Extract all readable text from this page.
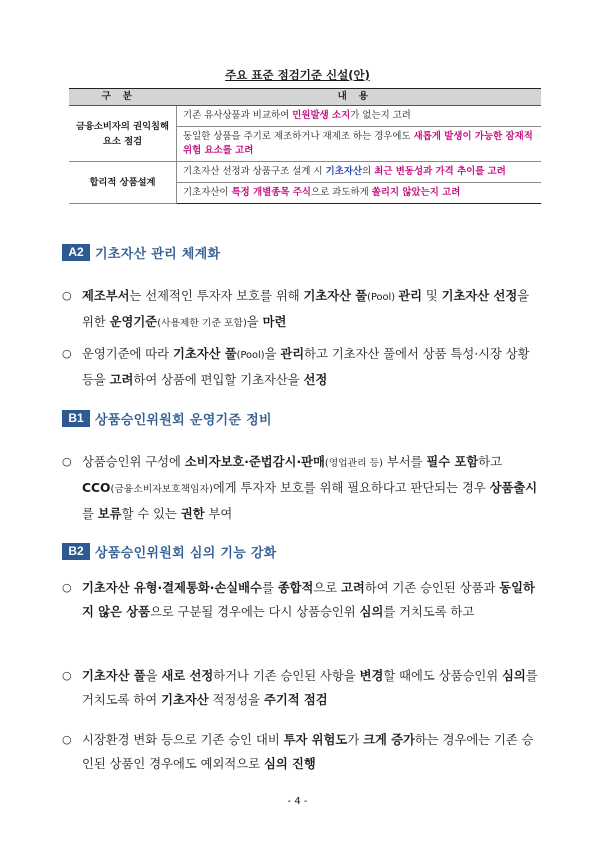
주요 표준 점검기준 신설(안)
구분	내용
금융소비자의 권익침해요소 점검	기존 유사상품과 비교하여 민원발생 소지가 없는지 고려
	동일한 상품을 주기로 제조하거나 재제조 하는 경우에도 새롭게 발생이 가능한 잠재적 위험 요소를 고려
합리적 상품설계	기초자산 선정과 상품구조 설계 시 기초자산의 최근 변동성과 가격 추이를 고려
	기초자산이 특정 개별종목 주식으로 과도하게 쏠리지 않았는지 고려
A2 기초자산 관리 체계화
○ 제조부서는 선제적인 투자자 보호를 위해 기초자산 풀(Pool) 관리 및 기초자산 선정을 위한 운영기준(사용제한 기준 포함)을 마련
○ 운영기준에 따라 기초자산 풀(Pool)을 관리하고 기초자산 풀에서 상품 특성·시장 상황 등을 고려하여 상품에 편입할 기초자산을 선정
B1 상품승인위원회 운영기준 정비
○ 상품승인위 구성에 소비자보호·준법감시·판매(영업관리 등) 부서를 필수 포함하고 CCO(금융소비자보호책임자)에게 투자자 보호를 위해 필요하다고 판단되는 경우 상품출시를 보류할 수 있는 권한 부여
B2 상품승인위원회 심의 기능 강화
○ 기초자산 유형·결제통화·손실배수를 종합적으로 고려하여 기존 승인된 상품과 동일하지 않은 상품으로 구분될 경우에는 다시 상품승인위 심의를 거치도록 하고
○ 기초자산 풀을 새로 선정하거나 기존 승인된 사항을 변경할 때에도 상품승인위 심의를 거치도록 하여 기초자산 적정성을 주기적 점검
○ 시장환경 변화 등으로 기존 승인 대비 투자 위험도가 크게 증가하는 경우에는 기존 승인된 상품인 경우에도 예외적으로 심의 진행
- 4 -
